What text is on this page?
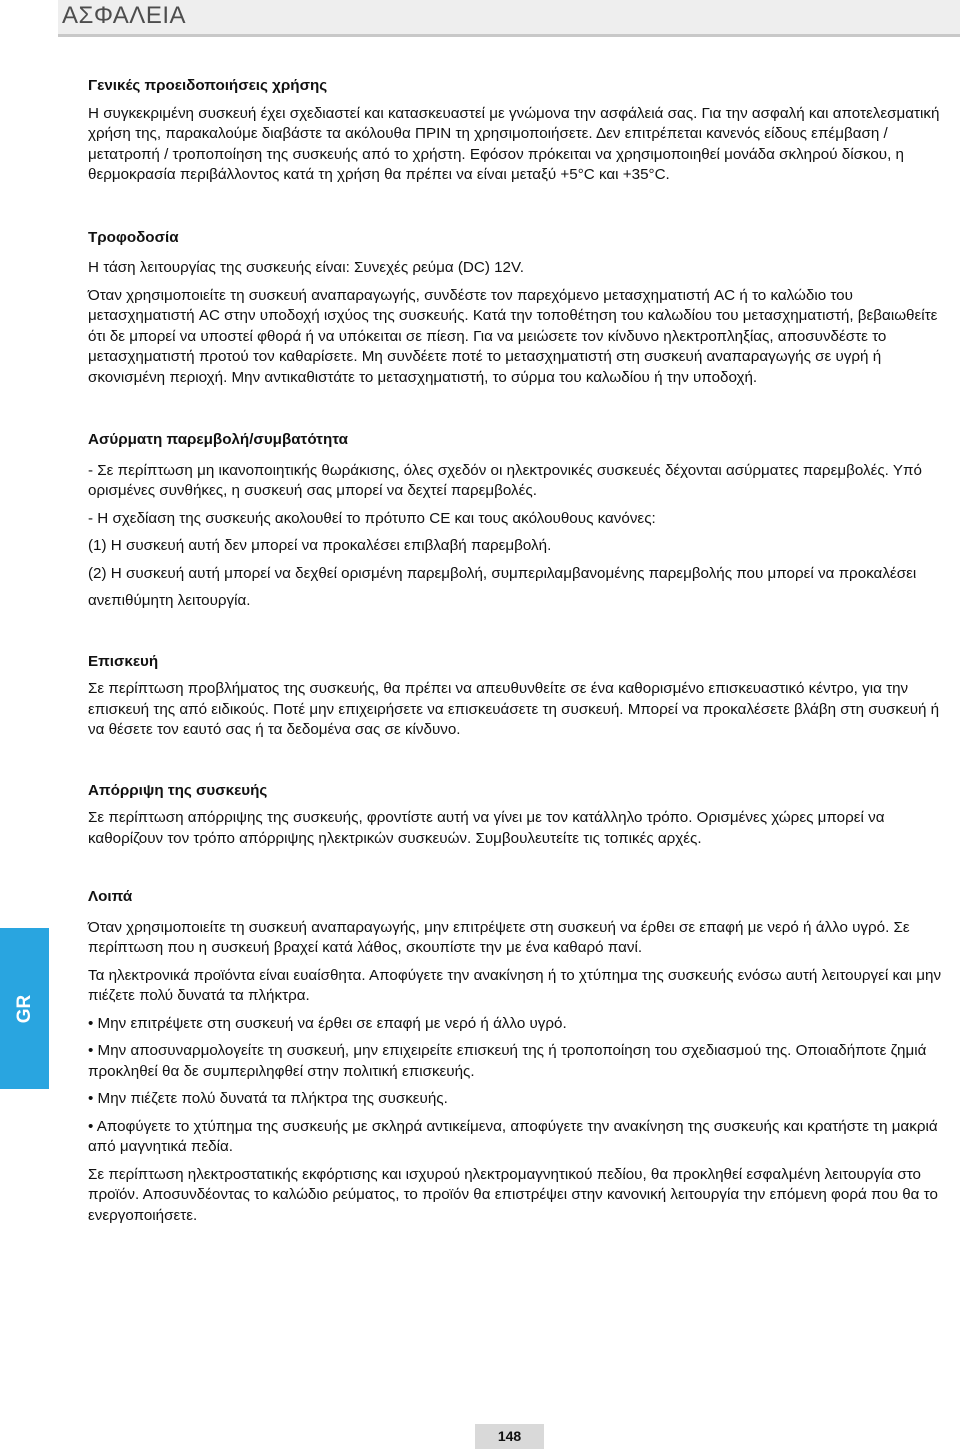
ΑΣΦΑΛΕΙΑ
GR
Γενικές προειδοποιήσεις χρήσης
Η συγκεκριμένη συσκευή έχει σχεδιαστεί και κατασκευαστεί με γνώμονα την ασφάλειά σας. Για την ασφαλή και αποτελεσματική χρήση της, παρακαλούμε διαβάστε τα ακόλουθα ΠΡΙΝ τη χρησιμοποιήσετε. Δεν επιτρέπεται κανενός είδους επέμβαση / μετατροπή / τροποποίηση της συσκευής από το χρήστη. Εφόσον πρόκειται να χρησιμοποιηθεί μονάδα σκληρού δίσκου, η θερμοκρασία περιβάλλοντος κατά τη χρήση θα πρέπει να είναι μεταξύ +5°C και +35°C.
Τροφοδοσία
Η τάση λειτουργίας της συσκευής είναι: Συνεχές ρεύμα (DC) 12V.
Όταν χρησιμοποιείτε τη συσκευή αναπαραγωγής, συνδέστε τον παρεχόμενο μετασχηματιστή AC ή το καλώδιο του μετασχηματιστή AC στην υποδοχή ισχύος της συσκευής. Κατά την τοποθέτηση του καλωδίου του μετασχηματιστή, βεβαιωθείτε ότι δε μπορεί να υποστεί φθορά ή να υπόκειται σε πίεση. Για να μειώσετε τον κίνδυνο ηλεκτροπληξίας, αποσυνδέστε το μετασχηματιστή προτού τον καθαρίσετε. Μη συνδέετε ποτέ το μετασχηματιστή στη συσκευή αναπαραγωγής σε υγρή ή σκονισμένη περιοχή. Μην αντικαθιστάτε το μετασχηματιστή, το σύρμα του καλωδίου ή την υποδοχή.
Ασύρματη παρεμβολή/συμβατότητα
- Σε περίπτωση μη ικανοποιητικής θωράκισης, όλες σχεδόν οι ηλεκτρονικές συσκευές δέχονται ασύρματες παρεμβολές. Υπό ορισμένες συνθήκες, η συσκευή σας μπορεί να δεχτεί παρεμβολές.
- Η σχεδίαση της συσκευής ακολουθεί το πρότυπο CE και τους ακόλουθους κανόνες:
(1) Η συσκευή αυτή δεν μπορεί να προκαλέσει επιβλαβή παρεμβολή.
(2) Η συσκευή αυτή μπορεί να δεχθεί ορισμένη παρεμβολή, συμπεριλαμβανομένης παρεμβολής που μπορεί να προκαλέσει
ανεπιθύμητη λειτουργία.
Επισκευή
Σε περίπτωση προβλήματος της συσκευής, θα πρέπει να απευθυνθείτε σε ένα καθορισμένο επισκευαστικό κέντρο, για την επισκευή της από ειδικούς. Ποτέ μην επιχειρήσετε να επισκευάσετε τη συσκευή. Μπορεί να προκαλέσετε βλάβη στη συσκευή ή να θέσετε τον εαυτό σας ή τα δεδομένα σας σε κίνδυνο.
Απόρριψη της συσκευής
Σε περίπτωση απόρριψης της συσκευής, φροντίστε αυτή να γίνει με τον κατάλληλο τρόπο. Ορισμένες χώρες μπορεί να καθορίζουν τον τρόπο απόρριψης ηλεκτρικών συσκευών. Συμβουλευτείτε τις τοπικές αρχές.
Λοιπά
Όταν χρησιμοποιείτε τη συσκευή αναπαραγωγής, μην επιτρέψετε στη συσκευή να έρθει σε επαφή με νερό ή άλλο υγρό. Σε περίπτωση που η συσκευή βραχεί κατά λάθος, σκουπίστε την με ένα καθαρό πανί.
Τα ηλεκτρονικά προϊόντα είναι ευαίσθητα. Αποφύγετε την ανακίνηση ή το χτύπημα της συσκευής ενόσω αυτή λειτουργεί και μην πιέζετε πολύ δυνατά τα πλήκτρα.
• Μην επιτρέψετε στη συσκευή να έρθει σε επαφή με νερό ή άλλο υγρό.
• Μην αποσυναρμολογείτε τη συσκευή, μην επιχειρείτε επισκευή της ή τροποποίηση του σχεδιασμού της. Οποιαδήποτε ζημιά προκληθεί θα δε συμπεριληφθεί στην πολιτική επισκευής.
• Μην πιέζετε πολύ δυνατά τα πλήκτρα της συσκευής.
• Αποφύγετε το χτύπημα της συσκευής με σκληρά αντικείμενα, αποφύγετε την ανακίνηση της συσκευής και κρατήστε τη μακριά από μαγνητικά πεδία.
Σε περίπτωση ηλεκτροστατικής εκφόρτισης και ισχυρού ηλεκτρομαγνητικού πεδίου, θα προκληθεί εσφαλμένη λειτουργία στο προϊόν. Αποσυνδέοντας το καλώδιο ρεύματος, το προϊόν θα επιστρέψει στην κανονική λειτουργία την επόμενη φορά που θα το ενεργοποιήσετε.
148
